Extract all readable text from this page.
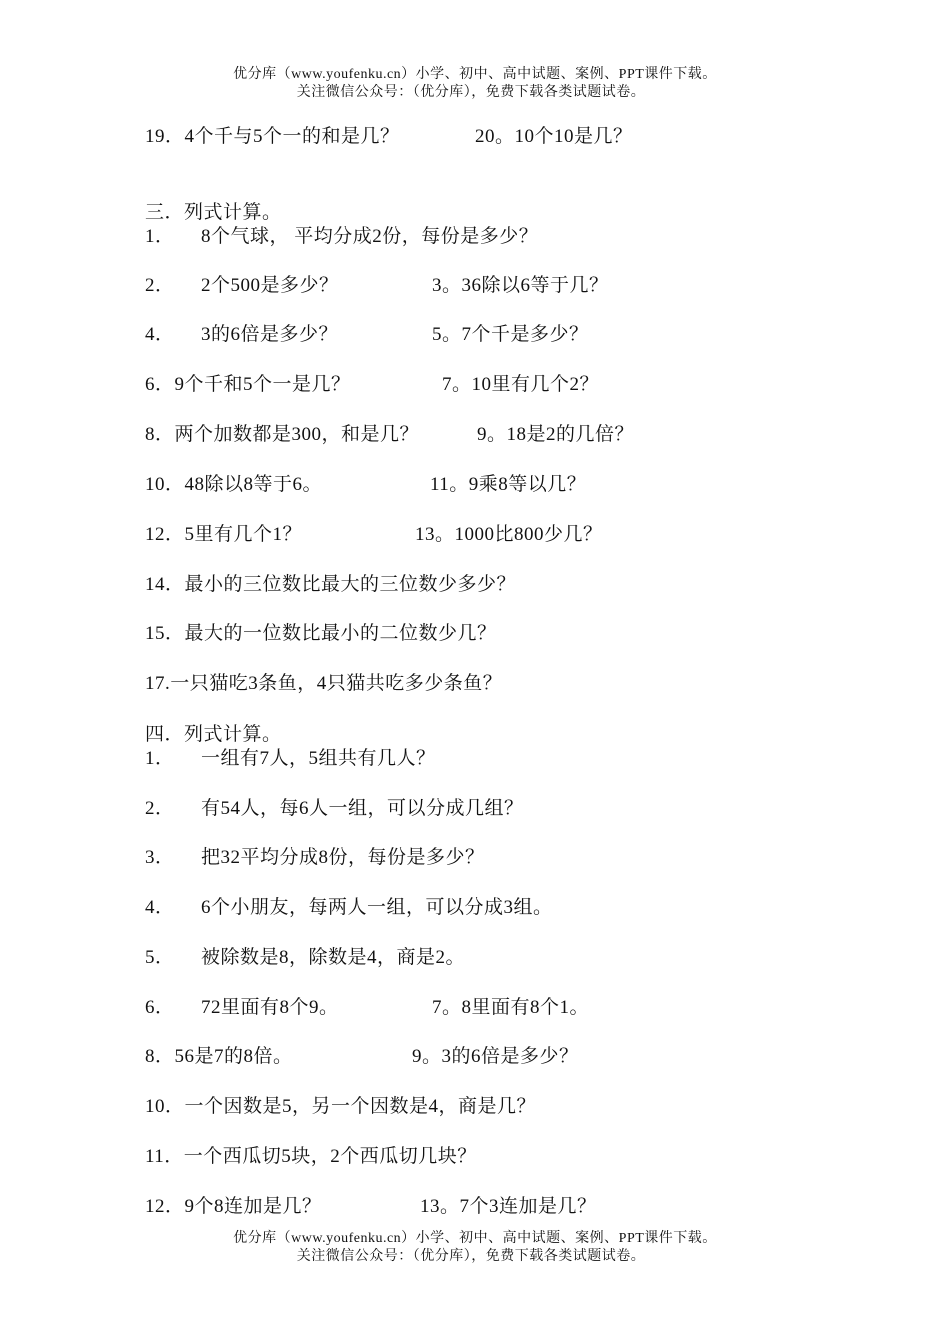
优分库（www.youfenku.cn）小学、初中、高中试题、案例、PPT课件下载。
关注微信公众号：（优分库），免费下载各类试题试卷。
19．4个千与5个一的和是几？	20。10个10是几？
三．列式计算。
1． 8个气球， 平均分成2份，每份是多少？
2． 2个500是多少？	3。36除以6等于几？
4． 3的6倍是多少？	5。7个千是多少？
6．9个千和5个一是几？	7。10里有几个2？
8．两个加数都是300，和是几？	9。18是2的几倍？
10．48除以8等于6。	11。9乘8等以几？
12．5里有几个1？	13。1000比800少几？
14．最小的三位数比最大的三位数少多少？
15．最大的一位数比最小的二位数少几？
17.一只猫吃3条鱼，4只猫共吃多少条鱼？
四．列式计算。
1． 一组有7人，5组共有几人？
2． 有54人，每6人一组，可以分成几组？
3． 把32平均分成8份，每份是多少？
4． 6个小朋友，每两人一组，可以分成3组。
5． 被除数是8，除数是4，商是2。
6． 72里面有8个9。	7。8里面有8个1。
8．56是7的8倍。	9。3的6倍是多少？
10．一个因数是5，另一个因数是4，商是几？
11．一个西瓜切5块，2个西瓜切几块？
12．9个8连加是几？	13。7个3连加是几？
优分库（www.youfenku.cn）小学、初中、高中试题、案例、PPT课件下载。
关注微信公众号：（优分库），免费下载各类试题试卷。
